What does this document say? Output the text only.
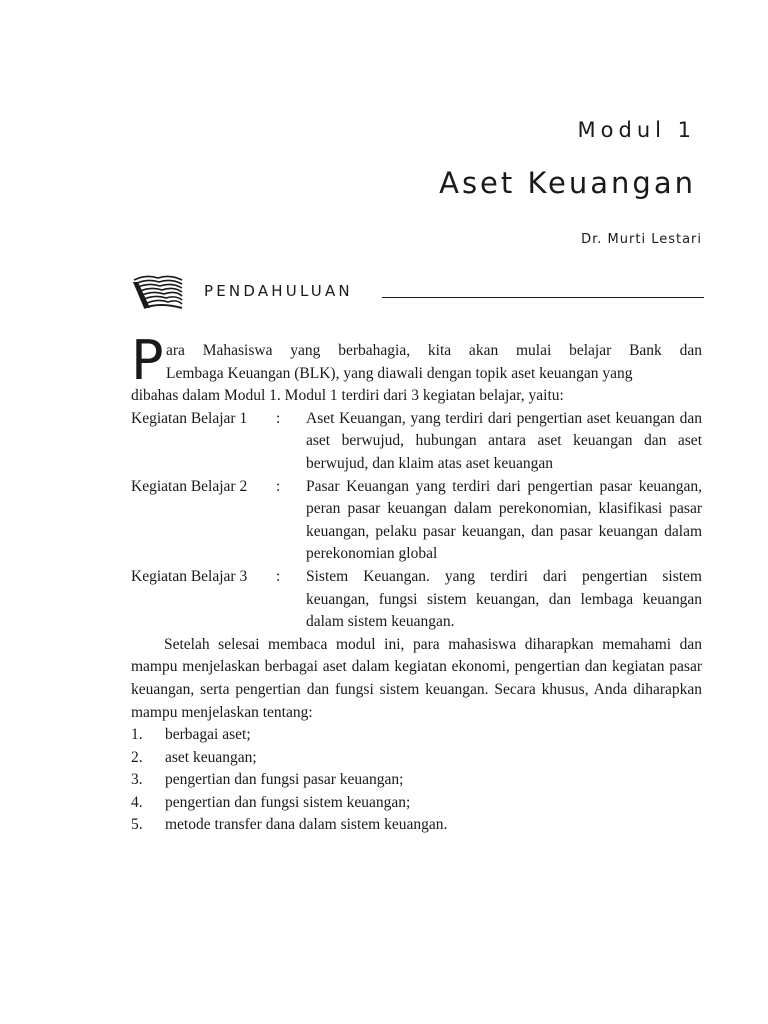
Modul 1
Aset Keuangan
Dr. Murti Lestari
PENDAHULUAN
P ara Mahasiswa yang berbahagia, kita akan mulai belajar Bank dan
Lembaga Keuangan (BLK), yang diawali dengan topik aset keuangan yang
dibahas dalam Modul 1. Modul 1 terdiri dari 3 kegiatan belajar, yaitu:
Kegiatan Belajar 1	:	Aset Keuangan, yang terdiri dari pengertian aset keuangan dan aset berwujud, hubungan antara aset keuangan dan aset berwujud, dan klaim atas aset keuangan
Kegiatan Belajar 2	:	Pasar Keuangan yang terdiri dari pengertian pasar keuangan, peran pasar keuangan dalam perekonomian, klasifikasi pasar keuangan, pelaku pasar keuangan, dan pasar keuangan dalam perekonomian global
Kegiatan Belajar 3	:	Sistem Keuangan. yang terdiri dari pengertian sistem keuangan, fungsi sistem keuangan, dan lembaga keuangan dalam sistem keuangan.

Setelah selesai membaca modul ini, para mahasiswa diharapkan memahami dan mampu menjelaskan berbagai aset dalam kegiatan ekonomi, pengertian dan kegiatan pasar keuangan, serta pengertian dan fungsi sistem keuangan. Secara khusus, Anda diharapkan mampu menjelaskan tentang:

1.	berbagai aset;
2.	aset keuangan;
3.	pengertian dan fungsi pasar keuangan;
4.	pengertian dan fungsi sistem keuangan;
5.	metode transfer dana dalam sistem keuangan.
